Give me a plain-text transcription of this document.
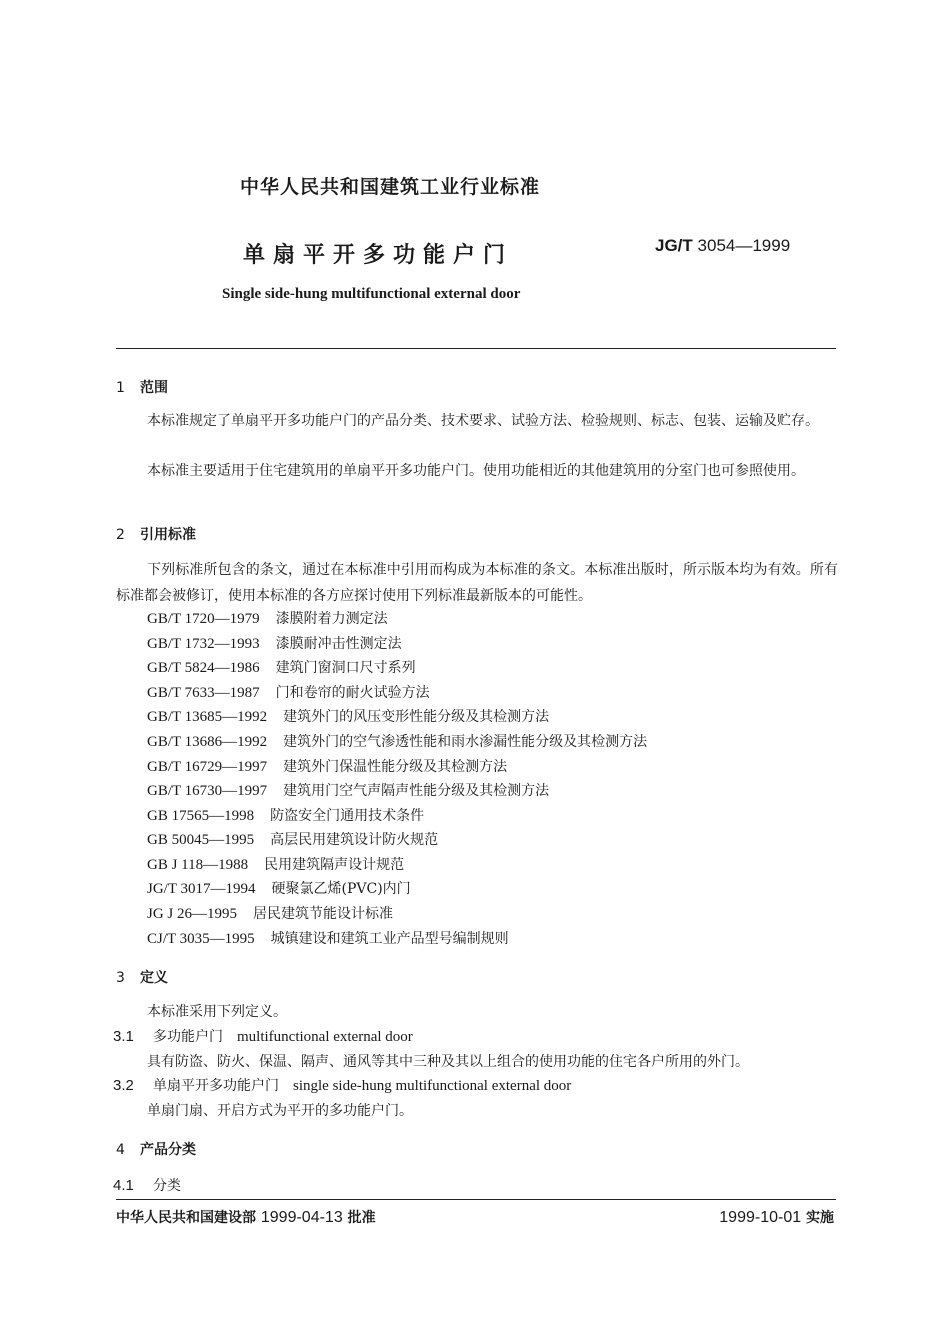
中华人民共和国建筑工业行业标准
单扇平开多功能户门	JG/T 3054—1999
Single side-hung multifunctional external door
1 范围
本标准规定了单扇平开多功能户门的产品分类、技术要求、试验方法、检验规则、标志、包装、运输及贮存。
本标准主要适用于住宅建筑用的单扇平开多功能户门。使用功能相近的其他建筑用的分室门也可参照使用。
2 引用标准
下列标准所包含的条文，通过在本标准中引用而构成为本标准的条文。本标准出版时，所示版本均为有效。所有标准都会被修订，使用本标准的各方应探讨使用下列标准最新版本的可能性。
GB/T 1720—1979 漆膜附着力测定法
GB/T 1732—1993 漆膜耐冲击性测定法
GB/T 5824—1986 建筑门窗洞口尺寸系列
GB/T 7633—1987 门和卷帘的耐火试验方法
GB/T 13685—1992 建筑外门的风压变形性能分级及其检测方法
GB/T 13686—1992 建筑外门的空气渗透性能和雨水渗漏性能分级及其检测方法
GB/T 16729—1997 建筑外门保温性能分级及其检测方法
GB/T 16730—1997 建筑用门空气声隔声性能分级及其检测方法
GB 17565—1998 防盗安全门通用技术条件
GB 50045—1995 高层民用建筑设计防火规范
GB J 118—1988 民用建筑隔声设计规范
JG/T 3017—1994 硬聚氯乙烯(PVC)内门
JG J 26—1995 居民建筑节能设计标准
CJ/T 3035—1995 城镇建设和建筑工业产品型号编制规则
3 定义
本标准采用下列定义。
3.1 多功能户门 multifunctional external door
具有防盗、防火、保温、隔声、通风等其中三种及其以上组合的使用功能的住宅各户所用的外门。
3.2 单扇平开多功能户门 single side-hung multifunctional external door
单扇门扇、开启方式为平开的多功能户门。
4 产品分类
4.1 分类
中华人民共和国建设部 1999-04-13 批准	1999-10-01 实施
